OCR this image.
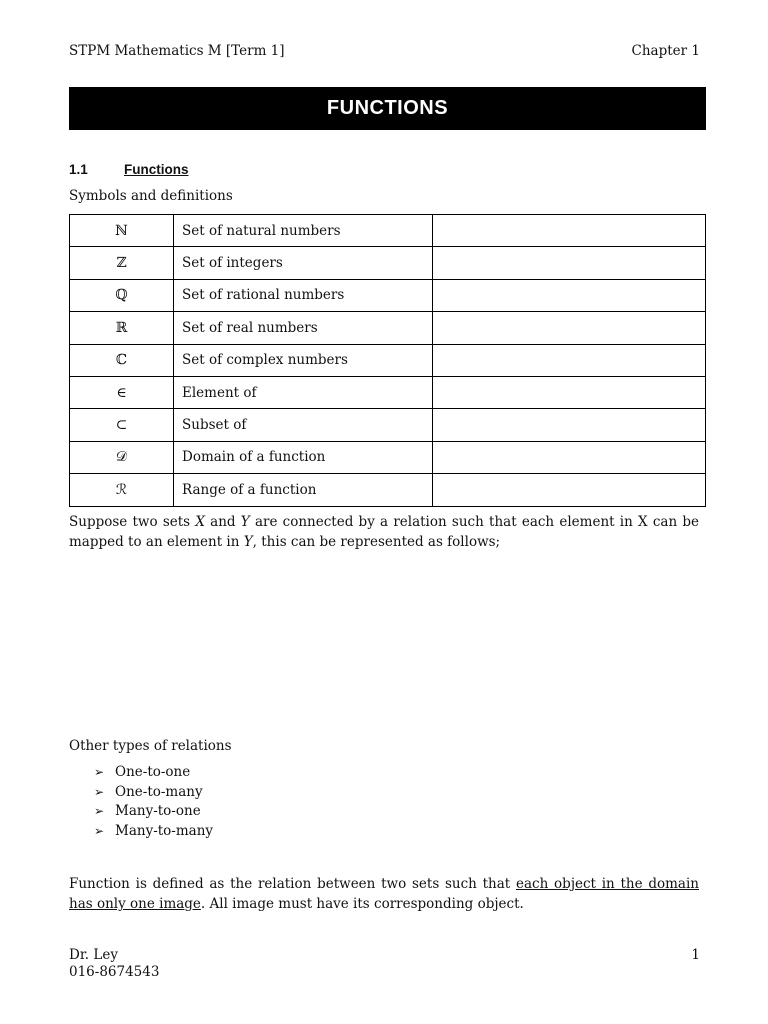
STPM Mathematics M [Term 1]	Chapter 1
FUNCTIONS
1.1	Functions
Symbols and definitions
ℕ	Set of natural numbers	
ℤ	Set of integers	
ℚ	Set of rational numbers	
ℝ	Set of real numbers	
ℂ	Set of complex numbers	
∈	Element of	
⊂	Subset of	
𝒟	Domain of a function	
ℛ	Range of a function	
Suppose two sets X and Y are connected by a relation such that each element in X can be mapped to an element in Y, this can be represented as follows;
Other types of relations
➢ One-to-one
➢ One-to-many
➢ Many-to-one
➢ Many-to-many
Function is defined as the relation between two sets such that each object in the domain has only one image. All image must have its corresponding object.
Dr. Ley
016-8674543
1
